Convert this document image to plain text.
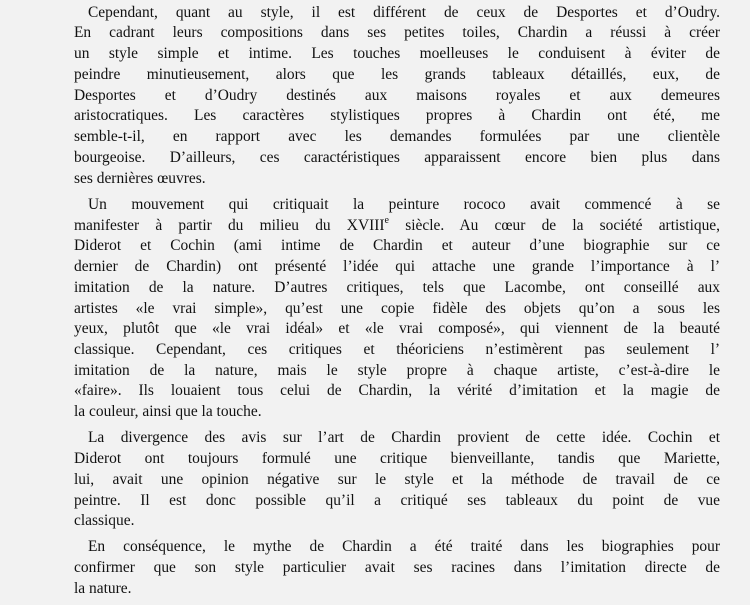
Cependant, quant au style, il est différent de ceux de Desportes et d’Oudry.
En cadrant leurs compositions dans ses petites toiles, Chardin a réussi à créer
un style simple et intime. Les touches moelleuses le conduisent à éviter de
peindre minutieusement, alors que les grands tableaux détaillés, eux, de
Desportes et d’Oudry destinés aux maisons royales et aux demeures
aristocratiques. Les caractères stylistiques propres à Chardin ont été, me
semble-t-il, en rapport avec les demandes formulées par une clientèle
bourgeoise. D’ailleurs, ces caractéristiques apparaissent encore bien plus dans
ses dernières œuvres.
Un mouvement qui critiquait la peinture rococo avait commencé à se
manifester à partir du milieu du XVIIIe siècle. Au cœur de la société artistique,
Diderot et Cochin (ami intime de Chardin et auteur d’une biographie sur ce
dernier de Chardin) ont présenté l’idée qui attache une grande l’importance à l’
imitation de la nature. D’autres critiques, tels que Lacombe, ont conseillé aux
artistes «le vrai simple», qu’est une copie fidèle des objets qu’on a sous les
yeux, plutôt que «le vrai idéal» et «le vrai composé», qui viennent de la beauté
classique. Cependant, ces critiques et théoriciens n’estimèrent pas seulement l’
imitation de la nature, mais le style propre à chaque artiste, c’est-à-dire le
«faire». Ils louaient tous celui de Chardin, la vérité d’imitation et la magie de
la couleur, ainsi que la touche.
La divergence des avis sur l’art de Chardin provient de cette idée. Cochin et
Diderot ont toujours formulé une critique bienveillante, tandis que Mariette,
lui, avait une opinion négative sur le style et la méthode de travail de ce
peintre. Il est donc possible qu’il a critiqué ses tableaux du point de vue
classique.
En conséquence, le mythe de Chardin a été traité dans les biographies pour
confirmer que son style particulier avait ses racines dans l’imitation directe de
la nature.
